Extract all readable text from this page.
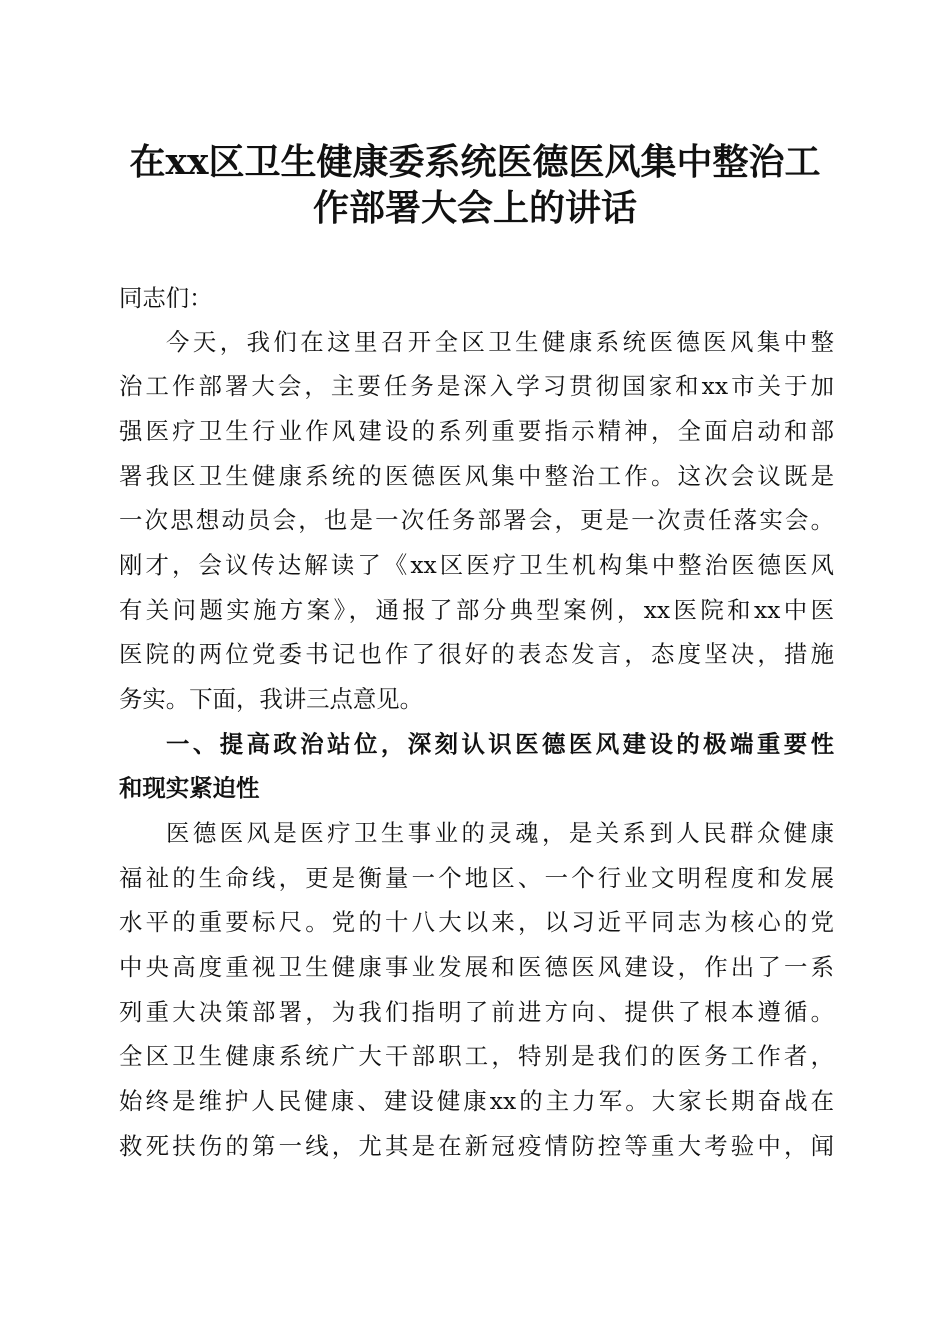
在xx区卫生健康委系统医德医风集中整治工
作部署大会上的讲话
同志们：
今天，我们在这里召开全区卫生健康系统医德医风集中整
治工作部署大会，主要任务是深入学习贯彻国家和xx市关于加
强医疗卫生行业作风建设的系列重要指示精神，全面启动和部
署我区卫生健康系统的医德医风集中整治工作。这次会议既是
一次思想动员会，也是一次任务部署会，更是一次责任落实会。
刚才，会议传达解读了《xx区医疗卫生机构集中整治医德医风
有关问题实施方案》，通报了部分典型案例，xx医院和xx中医
医院的两位党委书记也作了很好的表态发言，态度坚决，措施
务实。下面，我讲三点意见。
一、提高政治站位，深刻认识医德医风建设的极端重要性
和现实紧迫性
医德医风是医疗卫生事业的灵魂，是关系到人民群众健康
福祉的生命线，更是衡量一个地区、一个行业文明程度和发展
水平的重要标尺。党的十八大以来，以习近平同志为核心的党
中央高度重视卫生健康事业发展和医德医风建设，作出了一系
列重大决策部署，为我们指明了前进方向、提供了根本遵循。
全区卫生健康系统广大干部职工，特别是我们的医务工作者，
始终是维护人民健康、建设健康xx的主力军。大家长期奋战在
救死扶伤的第一线，尤其是在新冠疫情防控等重大考验中，闻
